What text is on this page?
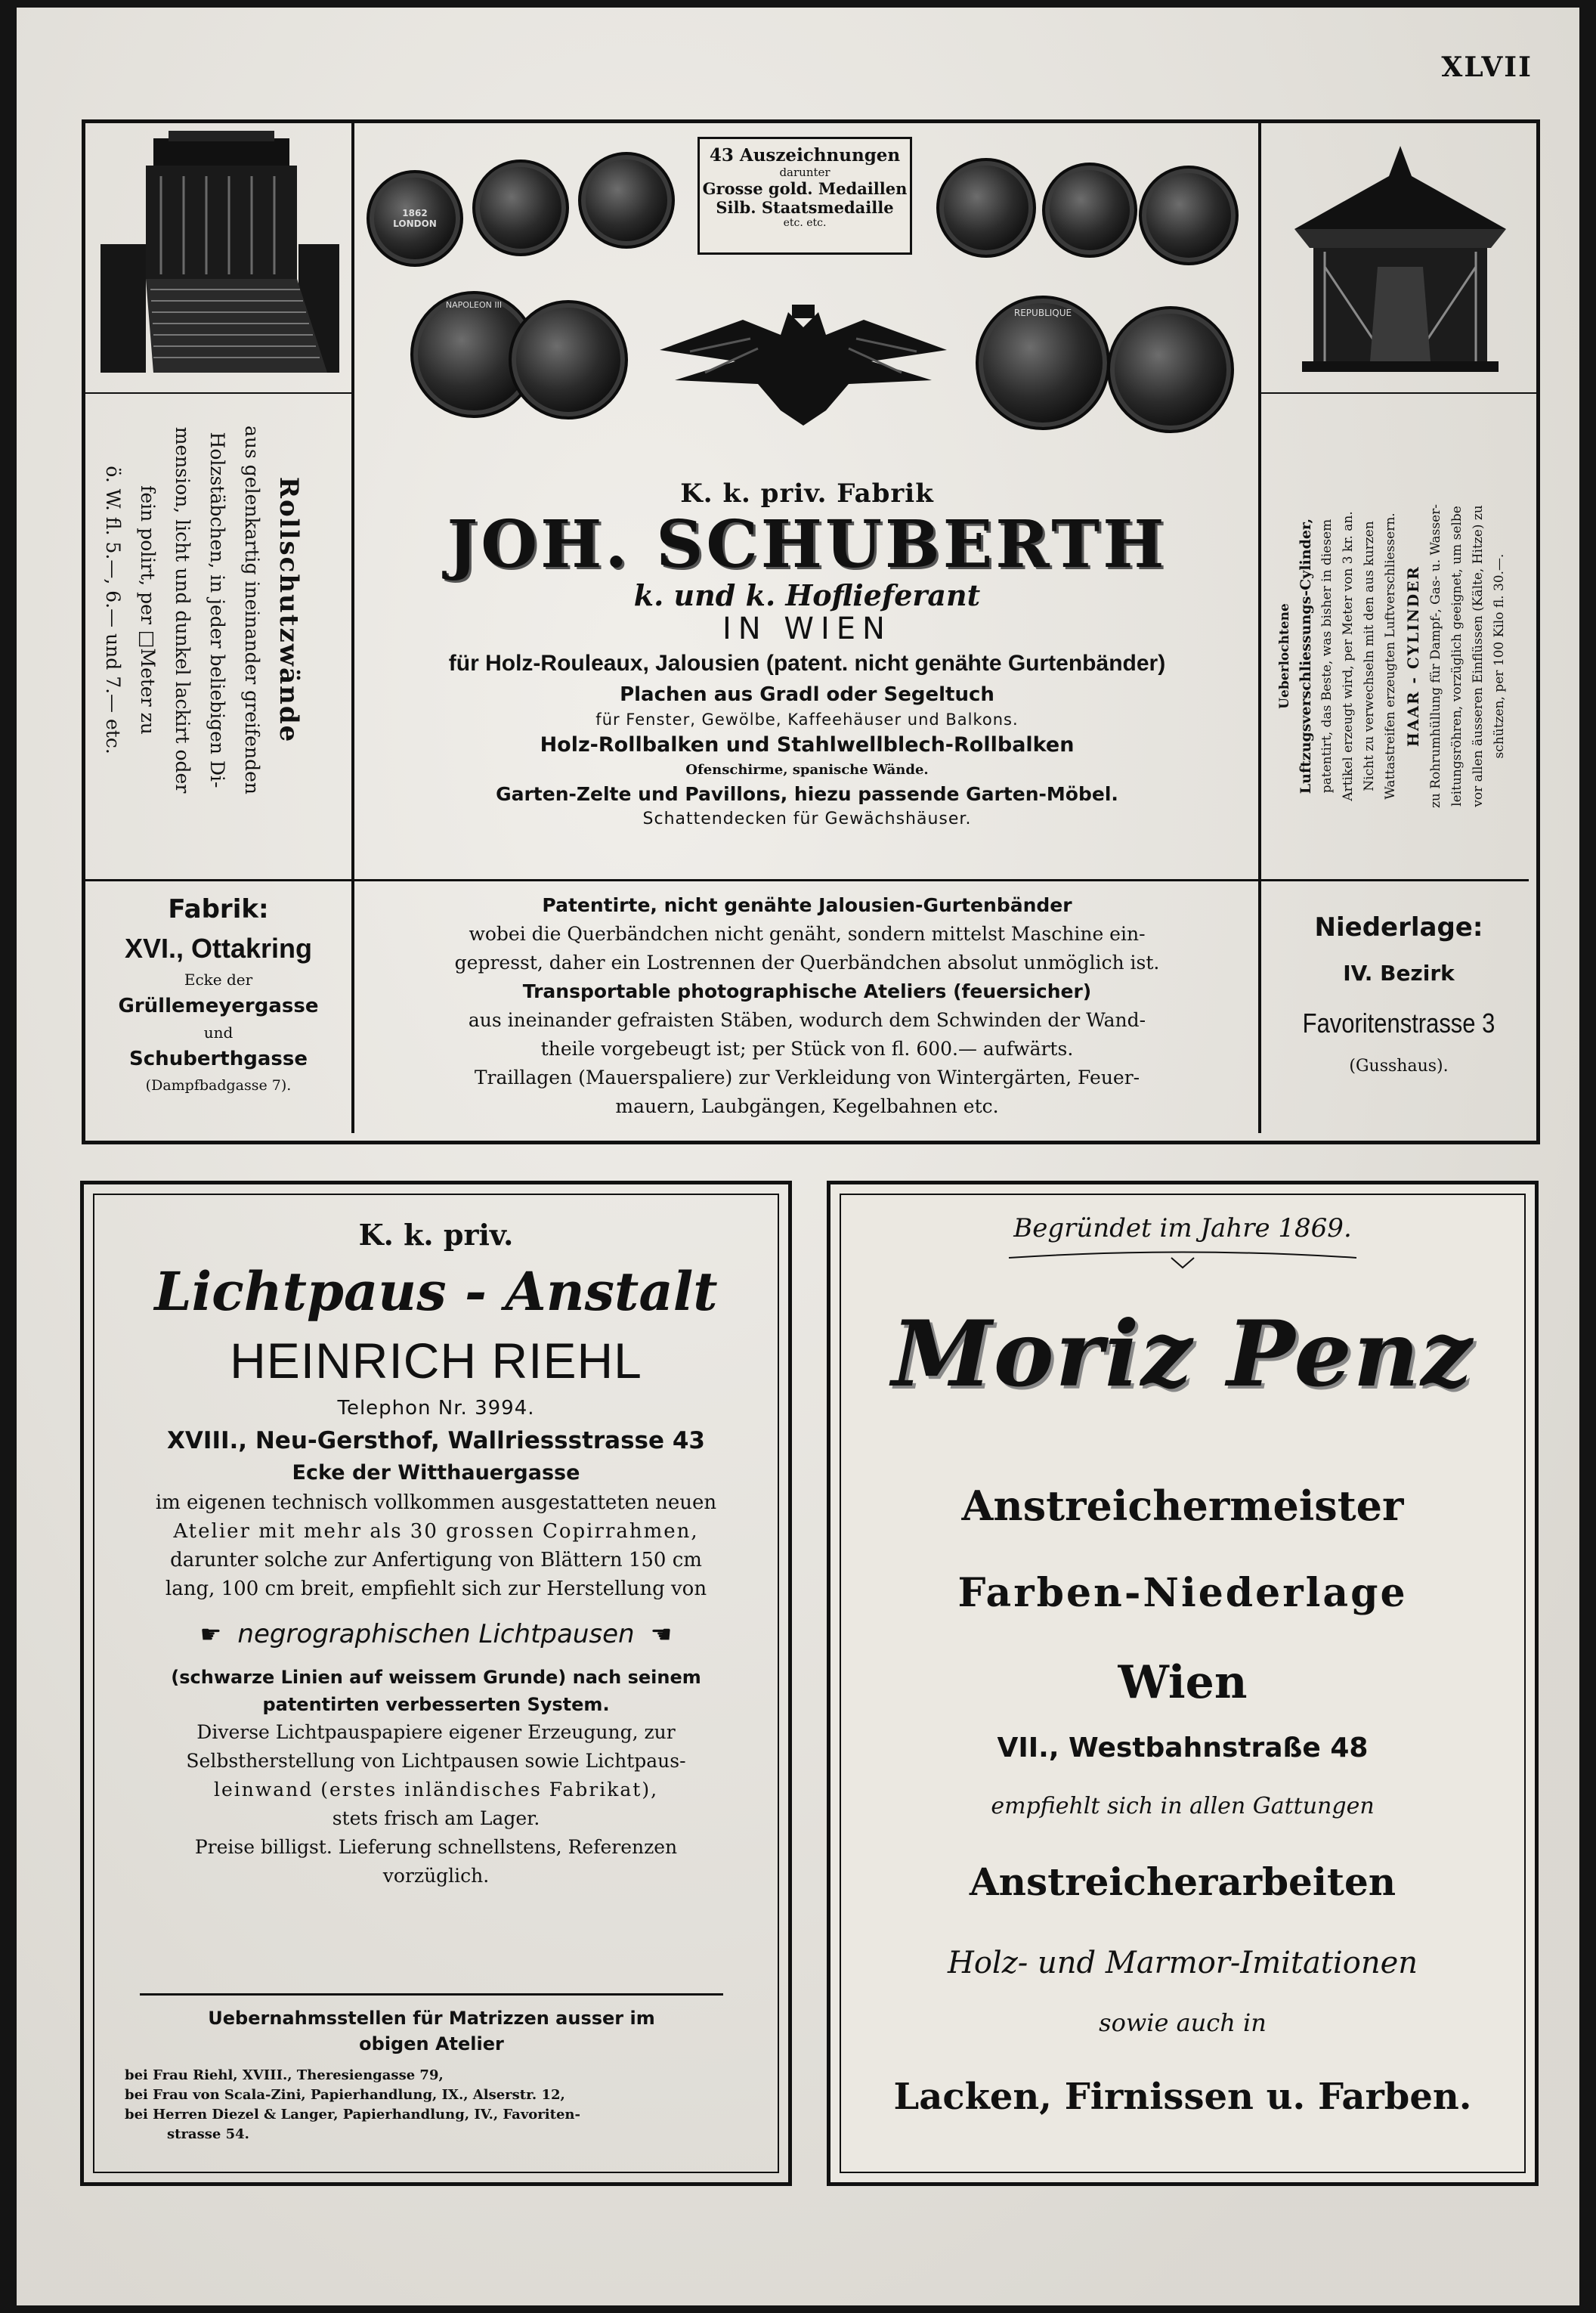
XLVII
1862 LONDON
43 Auszeichnungen
darunter
Grosse gold. Medaillen
Silb. Staatsmedaille
etc. etc.
NAPOLEON III
REPUBLIQUE
K. k. priv. Fabrik
JOH. SCHUBERTH
k. und k. Hoflieferant
IN WIEN
für Holz-Rouleaux, Jalousien (patent. nicht genähte Gurtenbänder)
Plachen aus Gradl oder Segeltuch
für Fenster, Gewölbe, Kaffeehäuser und Balkons.
Holz-Rollbalken und Stahlwellblech-Rollbalken
Ofenschirme, spanische Wände.
Garten-Zelte und Pavillons, hiezu passende Garten-Möbel.
Schattendecken für Gewächshäuser.
Rollschutzwände
aus gelenkartig ineinander greifenden
Holzstäbchen, in jeder beliebigen Di-
mension, licht und dunkel lackirt oder
fein polirt, per □Meter zu
ö. W. fl. 5.—, 6.— und 7.— etc.	Ueberlochtene Luftzugsverschliessungs-Cylinder, patentirt, das Beste, was bisher in diesem Artikel erzeugt wird, per Meter von 3 kr. an. Nicht zu verwechseln mit den aus kurzen Wattastreifen erzeugten Luftverschliessern. HAAR - CYLINDER zu Rohrumhüllung für Dampf-, Gas- u. Wasser- leitungsröhren, vorzüglich geeignet, um selbe vor allen äusseren Einflüssen (Kälte, Hitze) zu schützen, per 100 Kilo fl. 30.—.
Fabrik:
XVI., Ottakring
Ecke der
Grüllemeyergasse
und
Schuberthgasse
(Dampfbadgasse 7).
Patentirte, nicht genähte Jalousien-Gurtenbänder
wobei die Querbändchen nicht genäht, sondern mittelst Maschine ein-
gepresst, daher ein Lostrennen der Querbändchen absolut unmöglich ist.
Transportable photographische Ateliers (feuersicher)
aus ineinander gefraisten Stäben, wodurch dem Schwinden der Wand-
theile vorgebeugt ist; per Stück von fl. 600.— aufwärts.
Traillagen (Mauerspaliere) zur Verkleidung von Wintergärten, Feuer-
mauern, Laubgängen, Kegelbahnen etc.
Niederlage:
IV. Bezirk
Favoritenstrasse 3
(Gusshaus).
K. k. priv.
Lichtpaus - Anstalt
HEINRICH RIEHL
Telephon Nr. 3994.
XVIII., Neu-Gersthof, Wallriessstrasse 43
Ecke der Witthauergasse
im eigenen technisch vollkommen ausgestatteten neuen
Atelier mit mehr als 30 grossen Copirrahmen,
darunter solche zur Anfertigung von Blättern 150 cm
lang, 100 cm breit, empfiehlt sich zur Herstellung von
☛ negrographischen Lichtpausen ☚
(schwarze Linien auf weissem Grunde) nach seinem
patentirten verbesserten System.
Diverse Lichtpauspapiere eigener Erzeugung, zur
Selbstherstellung von Lichtpausen sowie Lichtpaus-
leinwand (erstes inländisches Fabrikat),
stets frisch am Lager.
Preise billigst. Lieferung schnellstens, Referenzen
vorzüglich.
Uebernahmsstellen für Matrizzen ausser im
obigen Atelier
bei Frau Riehl, XVIII., Theresiengasse 79,
bei Frau von Scala-Zini, Papierhandlung, IX., Alserstr. 12,
bei Herren Diezel & Langer, Papierhandlung, IV., Favoriten-
strasse 54.
Begründet im Jahre 1869.
Moriz Penz
Anstreichermeister
Farben-Niederlage
Wien
VII., Westbahnstraße 48
empfiehlt sich in allen Gattungen
Anstreicherarbeiten
Holz- und Marmor-Imitationen
sowie auch in
Lacken, Firnissen u. Farben.
